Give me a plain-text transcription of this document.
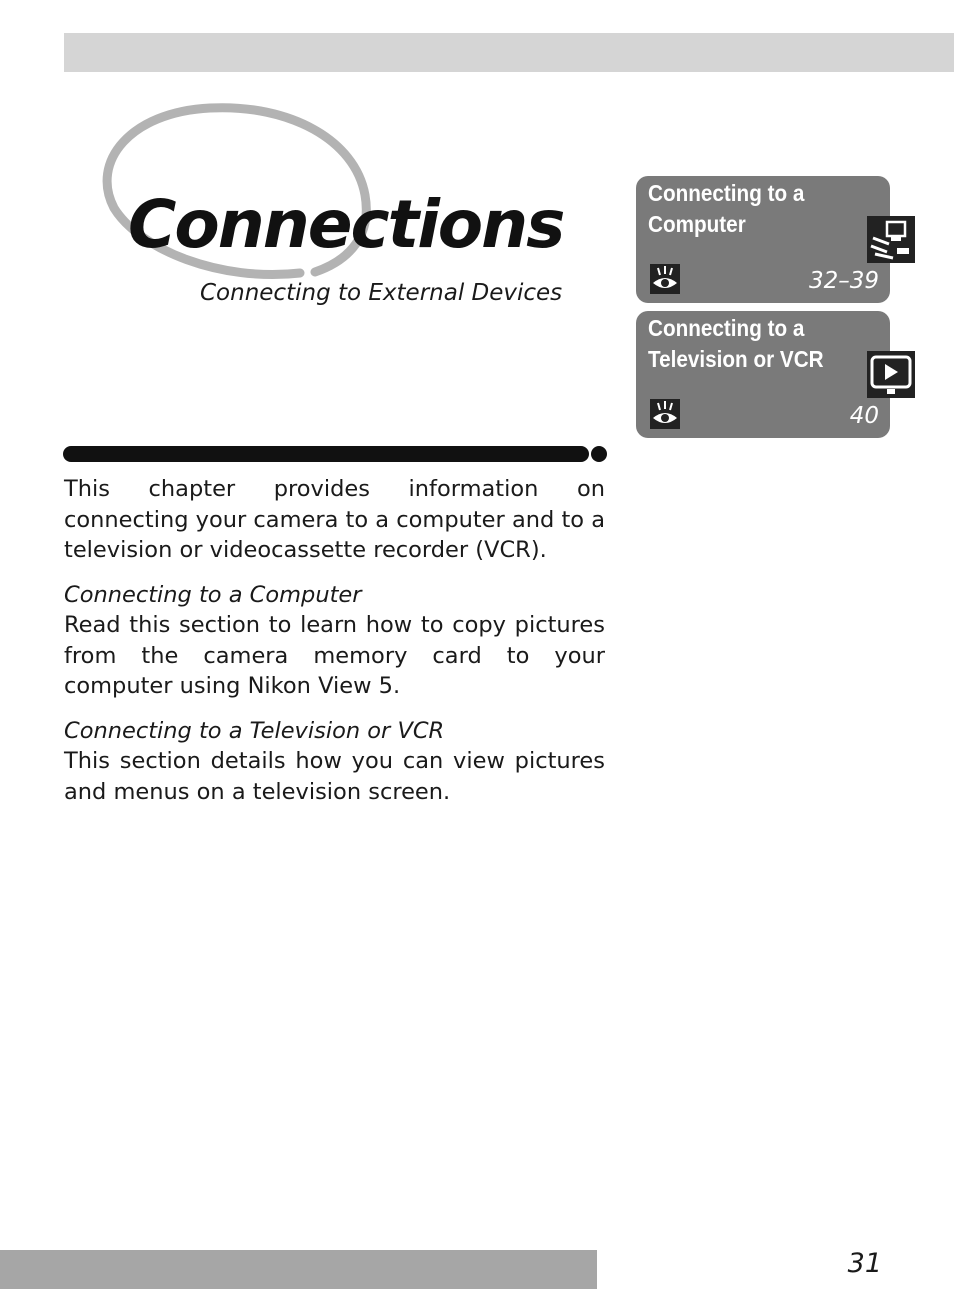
Connections

Connecting to External Devices

Connecting to a Computer
32–39
Connecting to a Television or VCR
40

This chapter provides information on connecting your camera to a computer and to a television or videocassette recorder (VCR).

Connecting to a Computer

Read this section to learn how to copy pictures from the camera memory card to your computer using Nikon View 5.

Connecting to a Television or VCR

This section details how you can view pictures and menus on a television screen.

31
